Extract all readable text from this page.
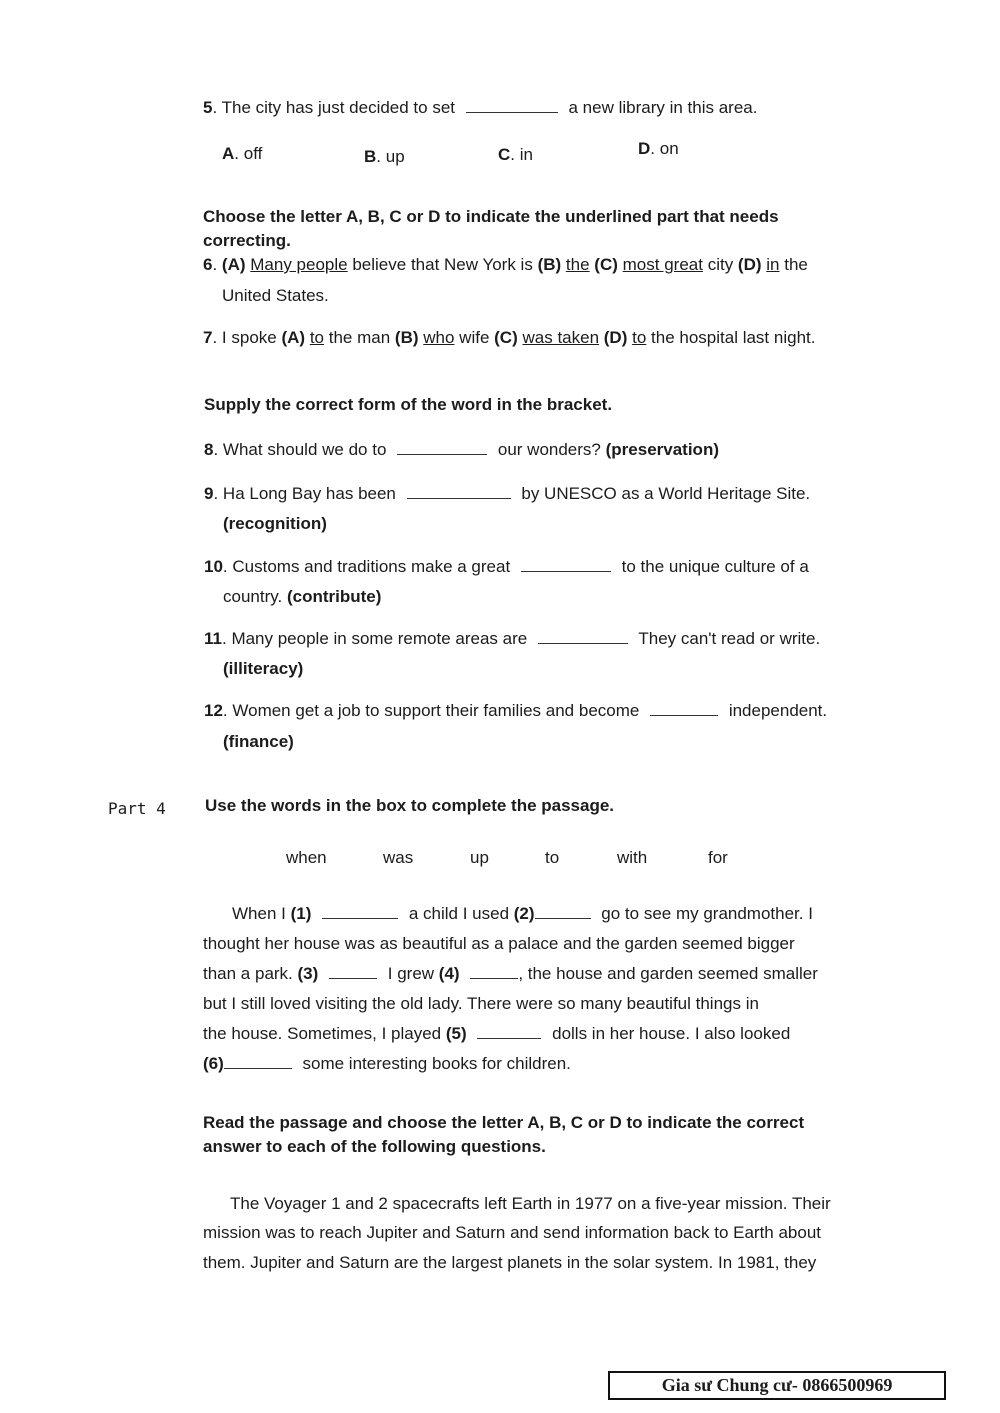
5. The city has just decided to set	a new library in this area.
A. off	B. up	C. in	D. on
Choose the letter A, B, C or D to indicate the underlined part that needs correcting.
6. (A) Many people believe that New York is (B) the (C) most great city (D) in the
United States.
7. I spoke (A) to the man (B) who wife (C) was taken (D) to the hospital last night.
Supply the correct form of the word in the bracket.
8. What should we do to	our wonders? (preservation)
9. Ha Long Bay has been	by UNESCO as a World Heritage Site.
(recognition)
10. Customs and traditions make a great	to the unique culture of a
country. (contribute)
11. Many people in some remote areas are	They can't read or write.
(illiteracy)
12. Women get a job to support their families and become	independent.
(finance)
Part 4 Use the words in the box to complete the passage.
when	was	up	to	with	for
When I (1)	a child I used (2)	go to see my grandmother. I
thought her house was as beautiful as a palace and the garden seemed bigger
than a park. (3)	I grew (4)	, the house and garden seemed smaller
but I still loved visiting the old lady. There were so many beautiful things in
the house. Sometimes, I played (5)	dolls in her house. I also looked
(6)	some interesting books for children.
Read the passage and choose the letter A, B, C or D to indicate the correct
answer to each of the following questions.
The Voyager 1 and 2 spacecrafts left Earth in 1977 on a five-year mission. Their
mission was to reach Jupiter and Saturn and send information back to Earth about
them. Jupiter and Saturn are the largest planets in the solar system. In 1981, they
Gia sư Chung cư- 0866500969
